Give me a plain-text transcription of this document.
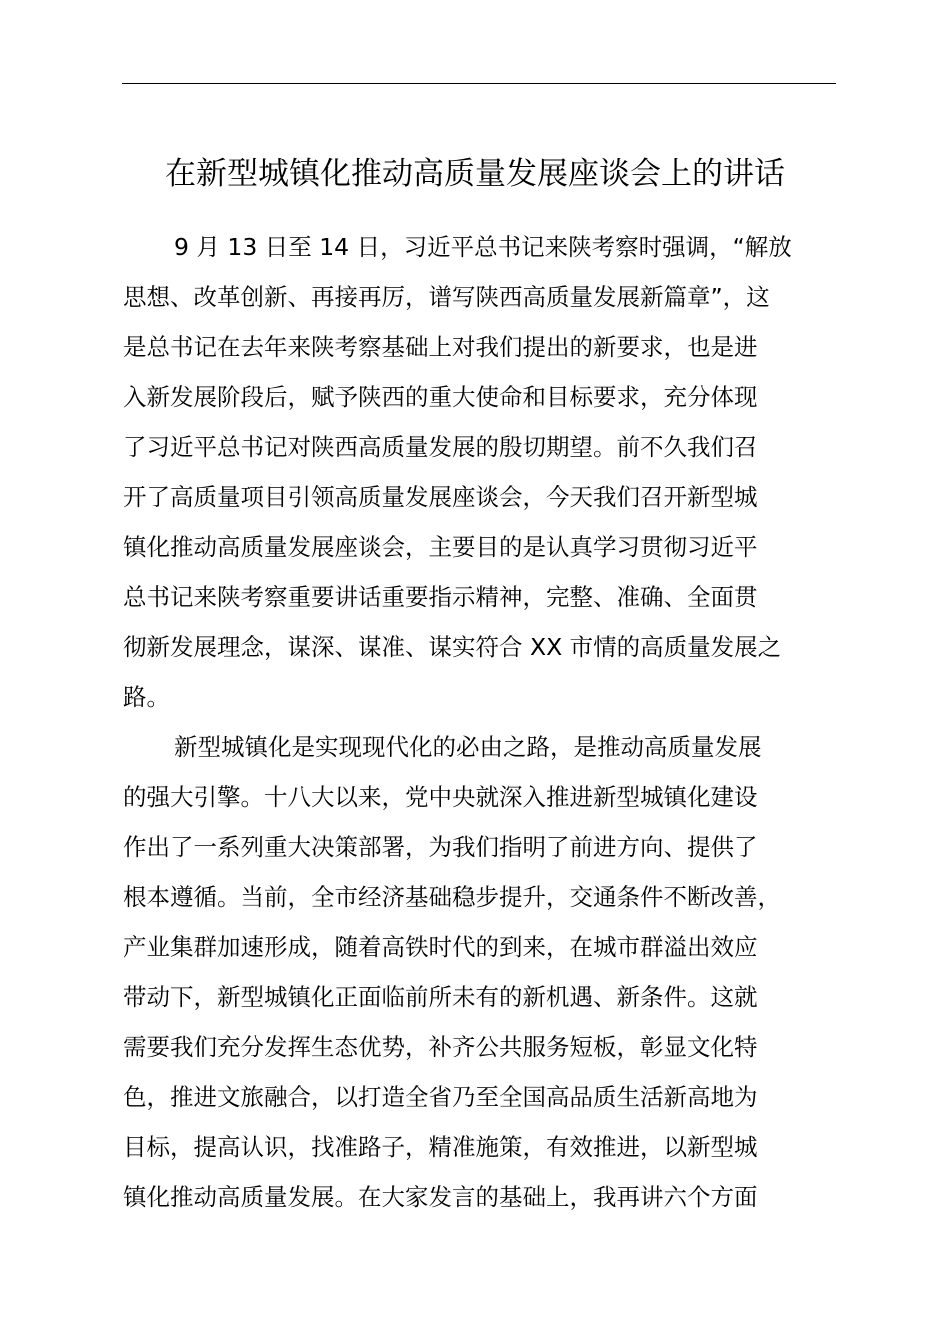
在新型城镇化推动高质量发展座谈会上的讲话
9 月 13 日至 14 日，习近平总书记来陕考察时强调，“解放
思想、改革创新、再接再厉，谱写陕西高质量发展新篇章”，这
是总书记在去年来陕考察基础上对我们提出的新要求，也是进
入新发展阶段后，赋予陕西的重大使命和目标要求，充分体现
了习近平总书记对陕西高质量发展的殷切期望。前不久我们召
开了高质量项目引领高质量发展座谈会，今天我们召开新型城
镇化推动高质量发展座谈会，主要目的是认真学习贯彻习近平
总书记来陕考察重要讲话重要指示精神，完整、准确、全面贯
彻新发展理念，谋深、谋准、谋实符合 XX 市情的高质量发展之
路。
新型城镇化是实现现代化的必由之路，是推动高质量发展
的强大引擎。十八大以来，党中央就深入推进新型城镇化建设
作出了一系列重大决策部署，为我们指明了前进方向、提供了
根本遵循。当前，全市经济基础稳步提升，交通条件不断改善，
产业集群加速形成，随着高铁时代的到来，在城市群溢出效应
带动下，新型城镇化正面临前所未有的新机遇、新条件。这就
需要我们充分发挥生态优势，补齐公共服务短板，彰显文化特
色，推进文旅融合，以打造全省乃至全国高品质生活新高地为
目标，提高认识，找准路子，精准施策，有效推进，以新型城
镇化推动高质量发展。在大家发言的基础上，我再讲六个方面
